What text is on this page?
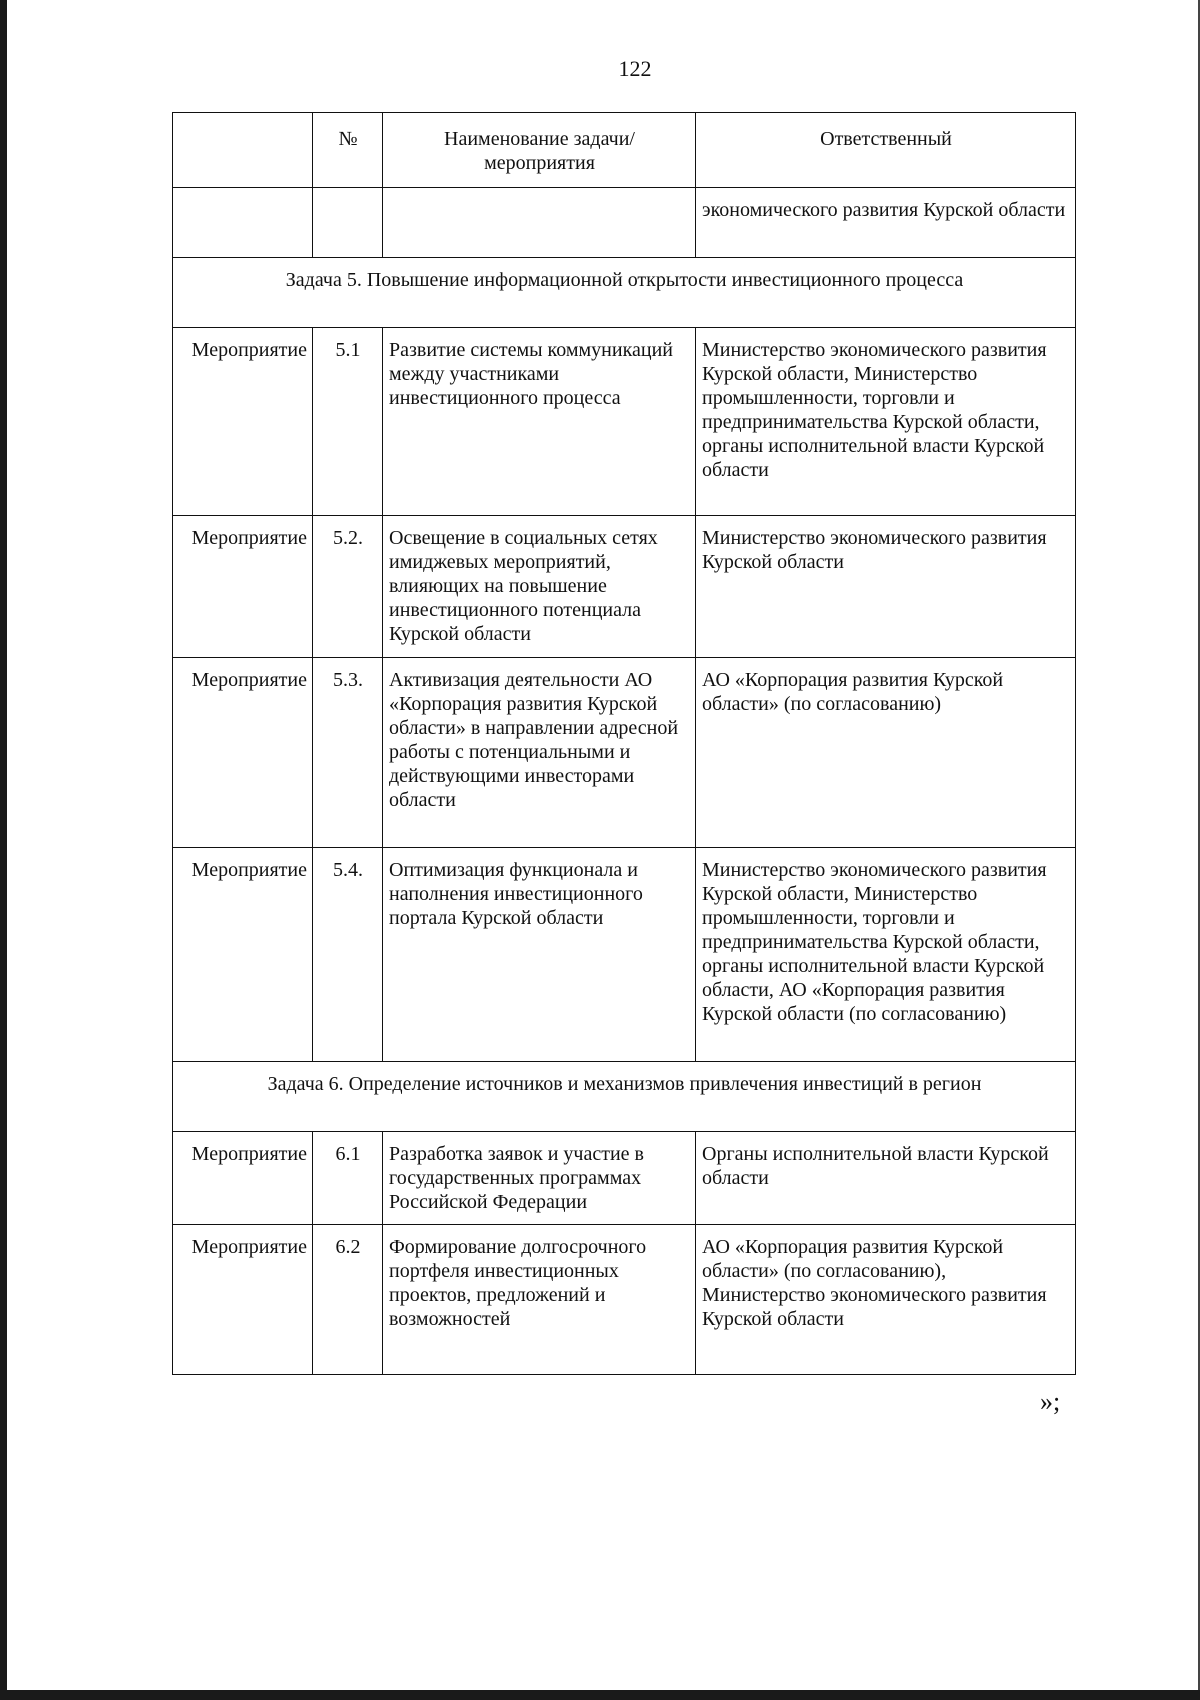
122
	№	Наименование задачи/мероприятия	Ответственный
			экономического развития Курской области
Задача 5. Повышение информационной открытости инвестиционного процесса			
Мероприятие	5.1	Развитие системы коммуникаций между участниками инвестиционного процесса	Министерство экономического развития Курской области, Министерство промышленности, торговли и предпринимательства Курской области, органы исполнительной власти Курской области
Мероприятие	5.2.	Освещение в социальных сетях имиджевых мероприятий, влияющих на повышение инвестиционного потенциала Курской области	Министерство экономического развития Курской области
Мероприятие	5.3.	Активизация деятельности АО «Корпорация развития Курской области» в направлении адресной работы с потенциальными и действующими инвесторами области	АО «Корпорация развития Курской области» (по согласованию)
Мероприятие	5.4.	Оптимизация функционала и наполнения инвестиционного портала Курской области	Министерство экономического развития Курской области, Министерство промышленности, торговли и предпринимательства Курской области, органы исполнительной власти Курской области, АО «Корпорация развития Курской области (по согласованию)
Задача 6. Определение источников и механизмов привлечения инвестиций в регион			
Мероприятие	6.1	Разработка заявок и участие в государственных программах Российской Федерации	Органы исполнительной власти Курской области
Мероприятие	6.2	Формирование долгосрочного портфеля инвестиционных проектов, предложений и возможностей	АО «Корпорация развития Курской области» (по согласованию), Министерство экономического развития Курской области
»;
